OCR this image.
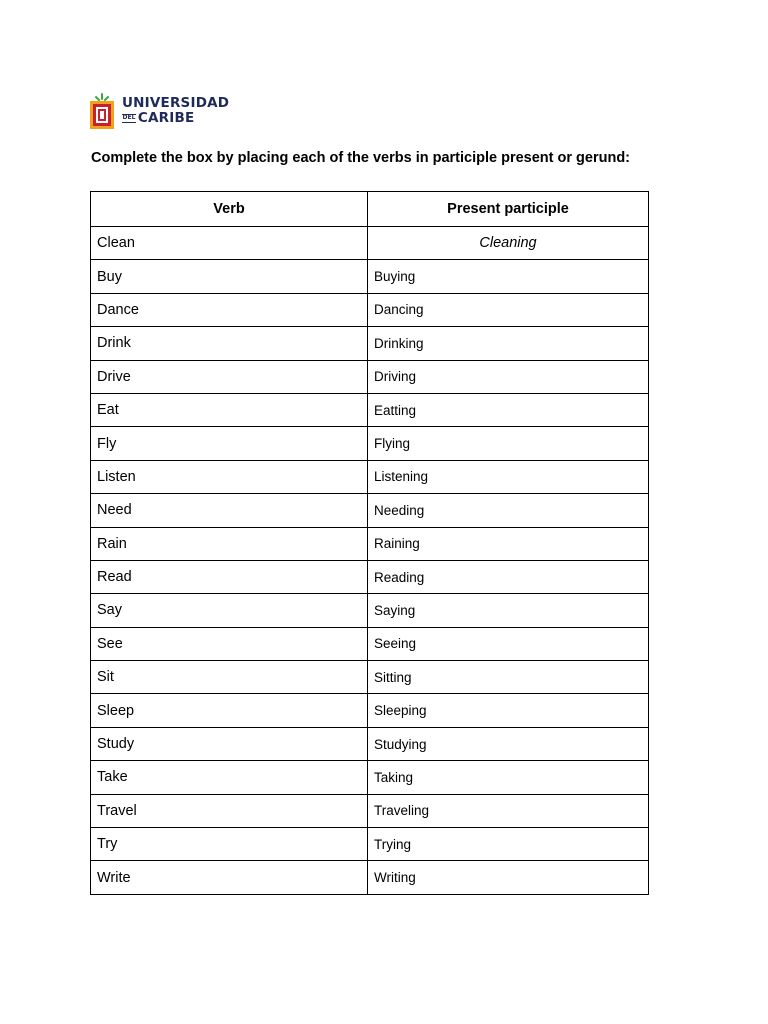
UNIVERSIDAD
DEL CARIBE

Complete the box by placing each of the verbs in participle present or gerund:

Verb	Present participle
Clean	Cleaning
Buy	Buying
Dance	Dancing
Drink	Drinking
Drive	Driving
Eat	Eatting
Fly	Flying
Listen	Listening
Need	Needing
Rain	Raining
Read	Reading
Say	Saying
See	Seeing
Sit	Sitting
Sleep	Sleeping
Study	Studying
Take	Taking
Travel	Traveling
Try	Trying
Write	Writing
